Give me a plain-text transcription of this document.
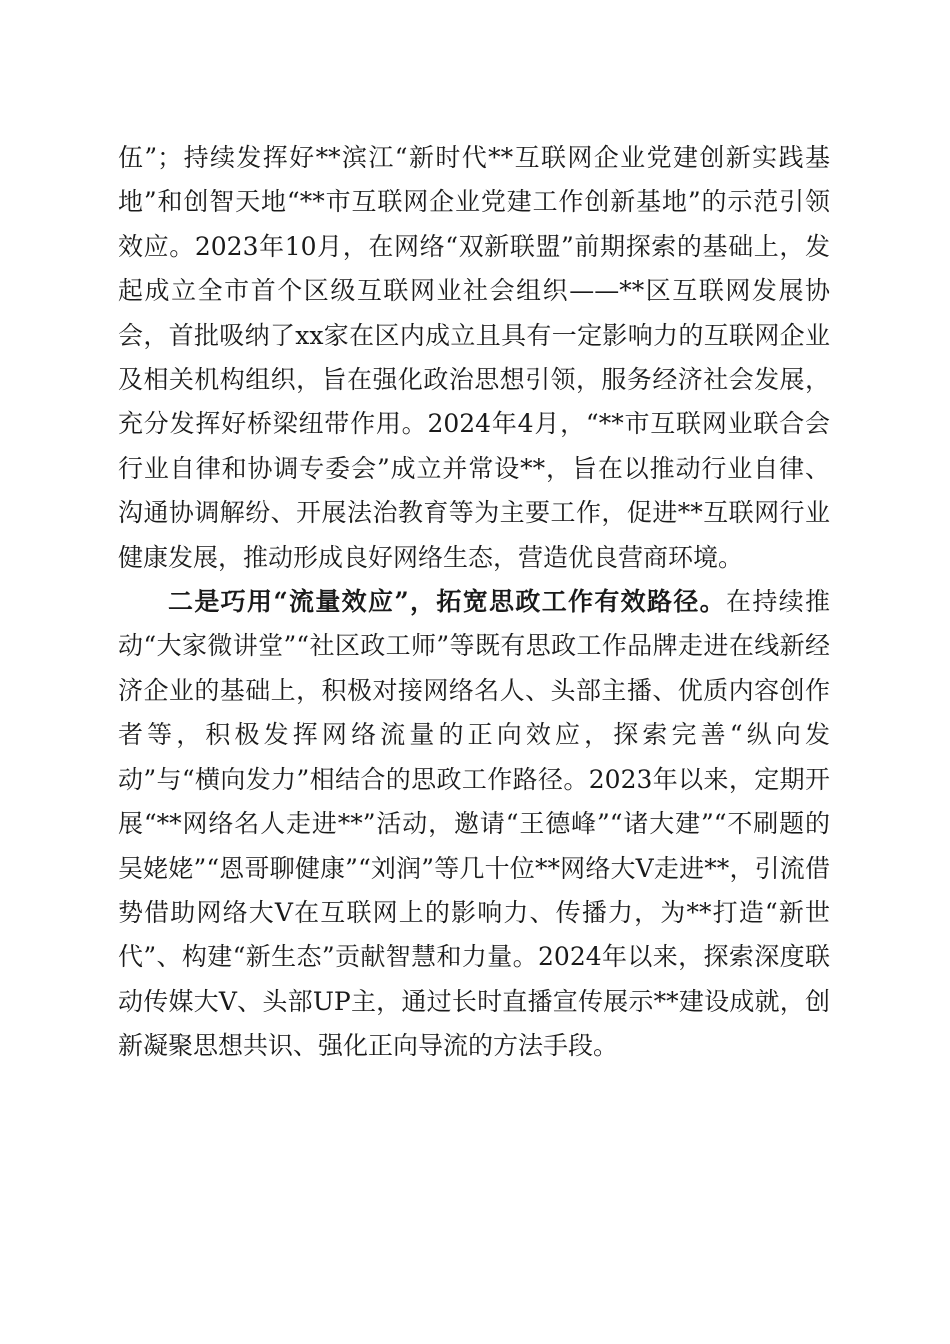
伍”；持续发挥好**滨江“新时代**互联网企业党建创新实践基地”和创智天地“**市互联网企业党建工作创新基地”的示范引领效应。2023年10月，在网络“双新联盟”前期探索的基础上，发起成立全市首个区级互联网业社会组织——**区互联网发展协会，首批吸纳了xx家在区内成立且具有一定影响力的互联网企业及相关机构组织，旨在强化政治思想引领，服务经济社会发展，充分发挥好桥梁纽带作用。2024年4月，“**市互联网业联合会行业自律和协调专委会”成立并常设**，旨在以推动行业自律、沟通协调解纷、开展法治教育等为主要工作，促进**互联网行业健康发展，推动形成良好网络生态，营造优良营商环境。

二是巧用“流量效应”，拓宽思政工作有效路径。在持续推动“大家微讲堂”“社区政工师”等既有思政工作品牌走进在线新经济企业的基础上，积极对接网络名人、头部主播、优质内容创作者等，积极发挥网络流量的正向效应，探索完善“纵向发动”与“横向发力”相结合的思政工作路径。2023年以来，定期开展“**网络名人走进**”活动，邀请“王德峰”“诸大建”“不刷题的吴姥姥”“恩哥聊健康”“刘润”等几十位**网络大V走进**，引流借势借助网络大V在互联网上的影响力、传播力，为**打造“新世代”、构建“新生态”贡献智慧和力量。2024年以来，探索深度联动传媒大V、头部UP主，通过长时直播宣传展示**建设成就，创新凝聚思想共识、强化正向导流的方法手段。
